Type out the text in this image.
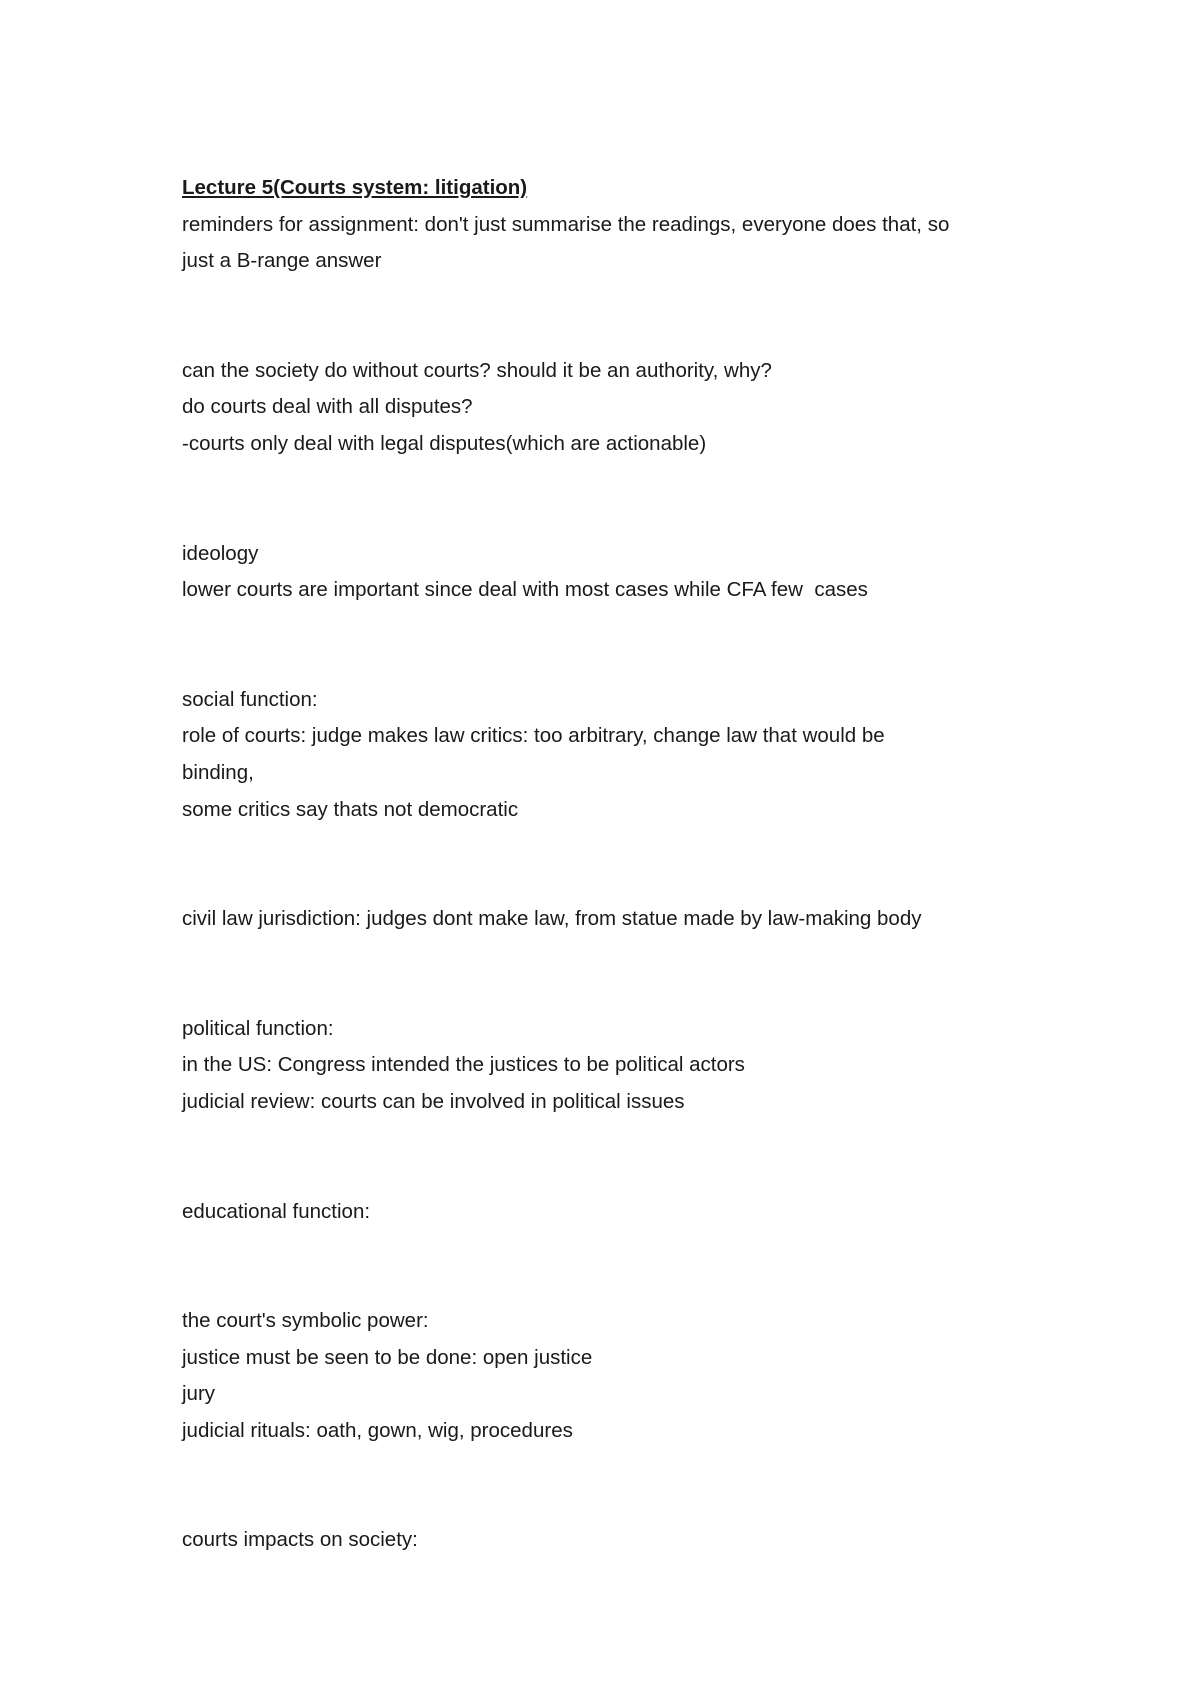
Lecture 5(Courts system: litigation)

reminders for assignment: don't just summarise the readings, everyone does that, so

just a B-range answer

can the society do without courts? should it be an authority, why?

do courts deal with all disputes?

-courts only deal with legal disputes(which are actionable)

ideology

lower courts are important since deal with most cases while CFA few  cases

social function:

role of courts: judge makes law critics: too arbitrary, change law that would be

binding,

some critics say thats not democratic

civil law jurisdiction: judges dont make law, from statue made by law-making body

political function:

in the US: Congress intended the justices to be political actors

judicial review: courts can be involved in political issues

educational function:

the court's symbolic power:

justice must be seen to be done: open justice

jury

judicial rituals: oath, gown, wig, procedures

courts impacts on society:
